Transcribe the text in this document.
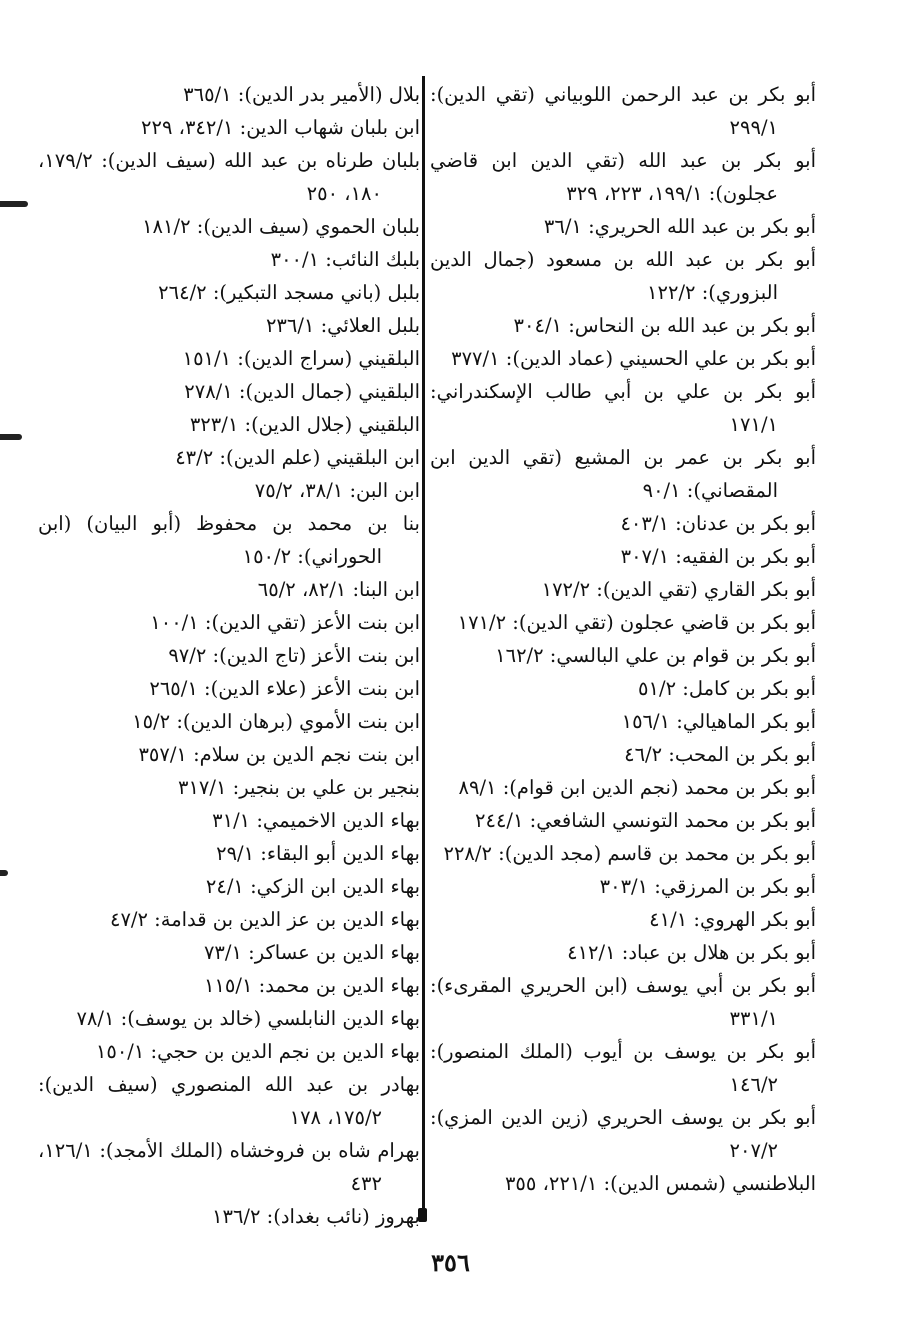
أبو بكر بن عبد الرحمن اللوبياني (تقي الدين): ٢٩٩/١

أبو بكر بن عبد الله (تقي الدين ابن قاضي عجلون): ١٩٩/١، ٢٢٣، ٣٢٩

أبو بكر بن عبد الله الحريري: ٣٦/١

أبو بكر بن عبد الله بن مسعود (جمال الدين البزوري): ١٢٢/٢

أبو بكر بن عبد الله بن النحاس: ٣٠٤/١

أبو بكر بن علي الحسيني (عماد الدين): ٣٧٧/١

أبو بكر بن علي بن أبي طالب الإسكندراني: ١٧١/١

أبو بكر بن عمر بن المشيع (تقي الدين ابن المقصاني): ٩٠/١

أبو بكر بن عدنان: ٤٠٣/١

أبو بكر بن الفقيه: ٣٠٧/١

أبو بكر القاري (تقي الدين): ١٧٢/٢

أبو بكر بن قاضي عجلون (تقي الدين): ١٧١/٢

أبو بكر بن قوام بن علي البالسي: ١٦٢/٢

أبو بكر بن كامل: ٥١/٢

أبو بكر الماهيالي: ١٥٦/١

أبو بكر بن المحب: ٤٦/٢

أبو بكر بن محمد (نجم الدين ابن قوام): ٨٩/١

أبو بكر بن محمد التونسي الشافعي: ٢٤٤/١

أبو بكر بن محمد بن قاسم (مجد الدين): ٢٢٨/٢

أبو بكر بن المرزقي: ٣٠٣/١

أبو بكر الهروي: ٤١/١

أبو بكر بن هلال بن عباد: ٤١٢/١

أبو بكر بن أبي يوسف (ابن الحريري المقرىء): ٣٣١/١

أبو بكر بن يوسف بن أيوب (الملك المنصور): ١٤٦/٢

أبو بكر بن يوسف الحريري (زين الدين المزي): ٢٠٧/٢

البلاطنسي (شمس الدين): ٢٢١/١، ٣٥٥

بلال (الأمير بدر الدين): ٣٦٥/١

ابن بلبان شهاب الدين: ٣٤٢/١، ٢٢٩

بلبان طرناه بن عبد الله (سيف الدين): ١٧٩/٢، ١٨٠، ٢٥٠

بلبان الحموي (سيف الدين): ١٨١/٢

بلبك النائب: ٣٠٠/١

بلبل (باني مسجد التبكير): ٢٦٤/٢

بلبل العلائي: ٢٣٦/١

البلقيني (سراج الدين): ١٥١/١

البلقيني (جمال الدين): ٢٧٨/١

البلقيني (جلال الدين): ٣٢٣/١

ابن البلقيني (علم الدين): ٤٣/٢

ابن البن: ٣٨/١، ٧٥/٢

بنا بن محمد بن محفوظ (أبو البيان) (ابن الحوراني): ١٥٠/٢

ابن البنا: ٨٢/١، ٦٥/٢

ابن بنت الأعز (تقي الدين): ١٠٠/١

ابن بنت الأعز (تاج الدين): ٩٧/٢

ابن بنت الأعز (علاء الدين): ٢٦٥/١

ابن بنت الأموي (برهان الدين): ١٥/٢

ابن بنت نجم الدين بن سلام: ٣٥٧/١

بنجير بن علي بن بنجير: ٣١٧/١

بهاء الدين الاخميمي: ٣١/١

بهاء الدين أبو البقاء: ٢٩/١

بهاء الدين ابن الزكي: ٢٤/١

بهاء الدين بن عز الدين بن قدامة: ٤٧/٢

بهاء الدين بن عساكر: ٧٣/١

بهاء الدين بن محمد: ١١٥/١

بهاء الدين النابلسي (خالد بن يوسف): ٧٨/١

بهاء الدين بن نجم الدين بن حجي: ١٥٠/١

بهادر بن عبد الله المنصوري (سيف الدين): ١٧٥/٢، ١٧٨

بهرام شاه بن فروخشاه (الملك الأمجد): ١٢٦/١، ٤٣٢

بهروز (نائب بغداد): ١٣٦/٢

٣٥٦
